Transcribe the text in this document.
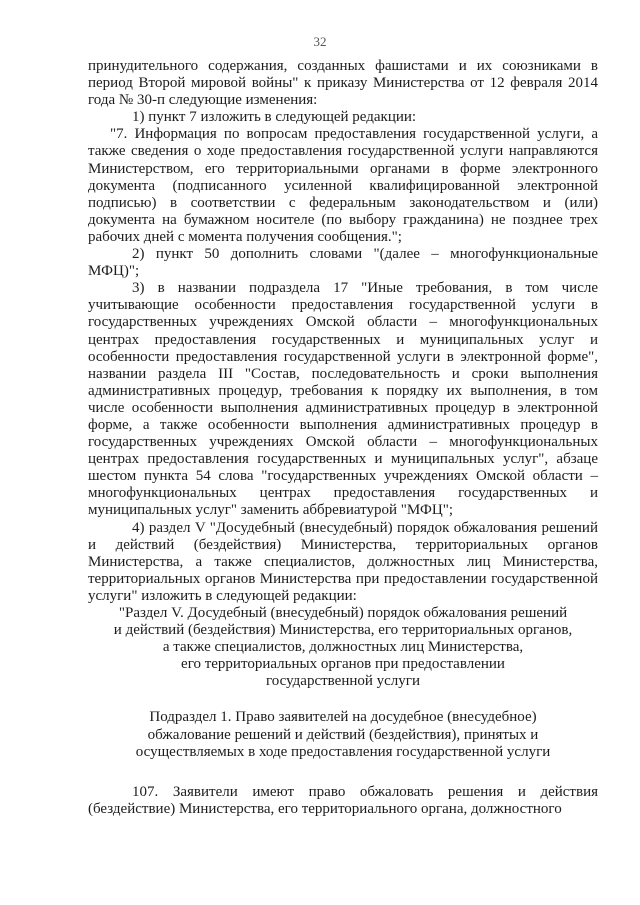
32

принудительного содержания, созданных фашистами и их союзниками в период Второй мировой войны" к приказу Министерства от 12 февраля 2014 года № 30-п следующие изменения:

1) пункт 7 изложить в следующей редакции:

"7. Информация по вопросам предоставления государственной услуги, а также сведения о ходе предоставления государственной услуги направляются Министерством, его территориальными органами в форме электронного документа (подписанного усиленной квалифицированной электронной подписью) в соответствии с федеральным законодательством и (или) документа на бумажном носителе (по выбору гражданина) не позднее трех рабочих дней с момента получения сообщения.";

2) пункт 50 дополнить словами "(далее – многофункциональные МФЦ)";

3) в названии подраздела 17 "Иные требования, в том числе учитывающие особенности предоставления государственной услуги в государственных учреждениях Омской области – многофункциональных центрах предоставления государственных и муниципальных услуг и особенности предоставления государственной услуги в электронной форме", названии раздела III "Состав, последовательность и сроки выполнения административных процедур, требования к порядку их выполнения, в том числе особенности выполнения административных процедур в электронной форме, а также особенности выполнения административных процедур в государственных учреждениях Омской области – многофункциональных центрах предоставления государственных и муниципальных услуг", абзаце шестом пункта 54 слова "государственных учреждениях Омской области – многофункциональных центрах предоставления государственных и муниципальных услуг" заменить аббревиатурой "МФЦ";

4) раздел V "Досудебный (внесудебный) порядок обжалования решений и действий (бездействия) Министерства, территориальных органов Министерства, а также специалистов, должностных лиц Министерства, территориальных органов Министерства при предоставлении государственной услуги" изложить в следующей редакции:

"Раздел V. Досудебный (внесудебный) порядок обжалования решений

и действий (бездействия) Министерства, его территориальных органов,

а также специалистов, должностных лиц Министерства,

его территориальных органов при предоставлении

государственной услуги

Подраздел 1. Право заявителей на досудебное (внесудебное)

обжалование решений и действий (бездействия), принятых и

осуществляемых в ходе предоставления государственной услуги

107. Заявители имеют право обжаловать решения и действия (бездействие) Министерства, его территориального органа, должностного
